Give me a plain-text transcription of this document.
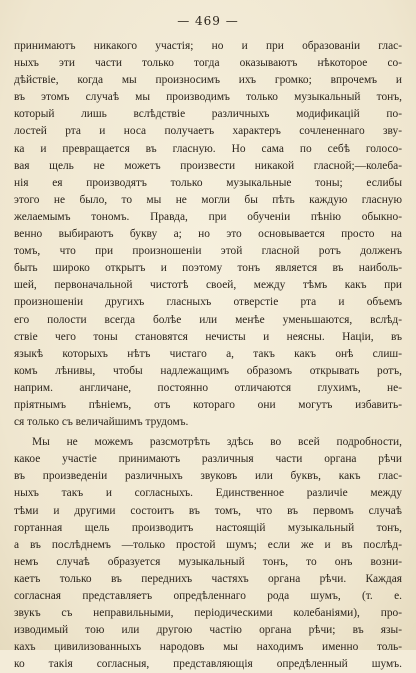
— 469 —
принимаютъ никакого участія; но и при образованіи глас-
ныхъ эти части только тогда оказываютъ нѣкоторое со-
дѣйствіе, когда мы произносимъ ихъ громко; впрочемъ и
въ этомъ случаѣ мы производимъ только музыкальный тонъ,
который лишь вслѣдствіе различныхъ модификацій по-
лостей рта и носа получаетъ характеръ сочлененнаго зву-
ка и превращается въ гласную. Но сама по себѣ голосо-
вая щель не можетъ произвести никакой гласной;—колеба-
нія ея производятъ только музыкальные тоны; еслибы
этого не было, то мы не могли бы пѣть каждую гласную
желаемымъ тономъ. Правда, при обученіи пѣнію обыкно-
венно выбираютъ букву а; но это основывается просто на
томъ, что при произношеніи этой гласной ротъ долженъ
быть широко открытъ и поэтому тонъ является въ наиболь-
шей, первоначальной чистотѣ своей, между тѣмъ какъ при
произношеніи другихъ гласныхъ отверстіе рта и объемъ
его полости всегда болѣе или менѣе уменьшаются, вслѣд-
ствіе чего тоны становятся нечисты и неясны. Націи, въ
языкѣ которыхъ нѣтъ чистаго а, такъ какъ онѣ слиш-
комъ лѣнивы, чтобы надлежащимъ образомъ открывать ротъ,
наприм. англичане, постоянно отличаются глухимъ, не-
пріятнымъ пѣніемъ, отъ котораго они могутъ избавить-
ся только съ величайшимъ трудомъ.
Мы не можемъ разсмотрѣть здѣсь во всей подробности,
какое участіе принимаютъ различныя части органа рѣчи
въ произведеніи различныхъ звуковъ или буквъ, какъ глас-
ныхъ такъ и согласныхъ. Единственное различіе между
тѣми и другими состоитъ въ томъ, что въ первомъ случаѣ
гортанная щель производитъ настоящій музыкальный тонъ,
а въ послѣднемъ —только простой шумъ; если же и въ послѣд-
немъ случаѣ образуется музыкальный тонъ, то онъ возни-
каетъ только въ переднихъ частяхъ органа рѣчи. Каждая
согласная представляетъ опредѣленнаго рода шумъ, (т. е.
звукъ съ неправильными, періодическими колебаніями), про-
изводимый тою или другою частію органа рѣчи; въ язы-
кахъ цивилизованныхъ народовъ мы находимъ именно толь-
ко такія согласныя, представляющія опредѣленный шумъ.
